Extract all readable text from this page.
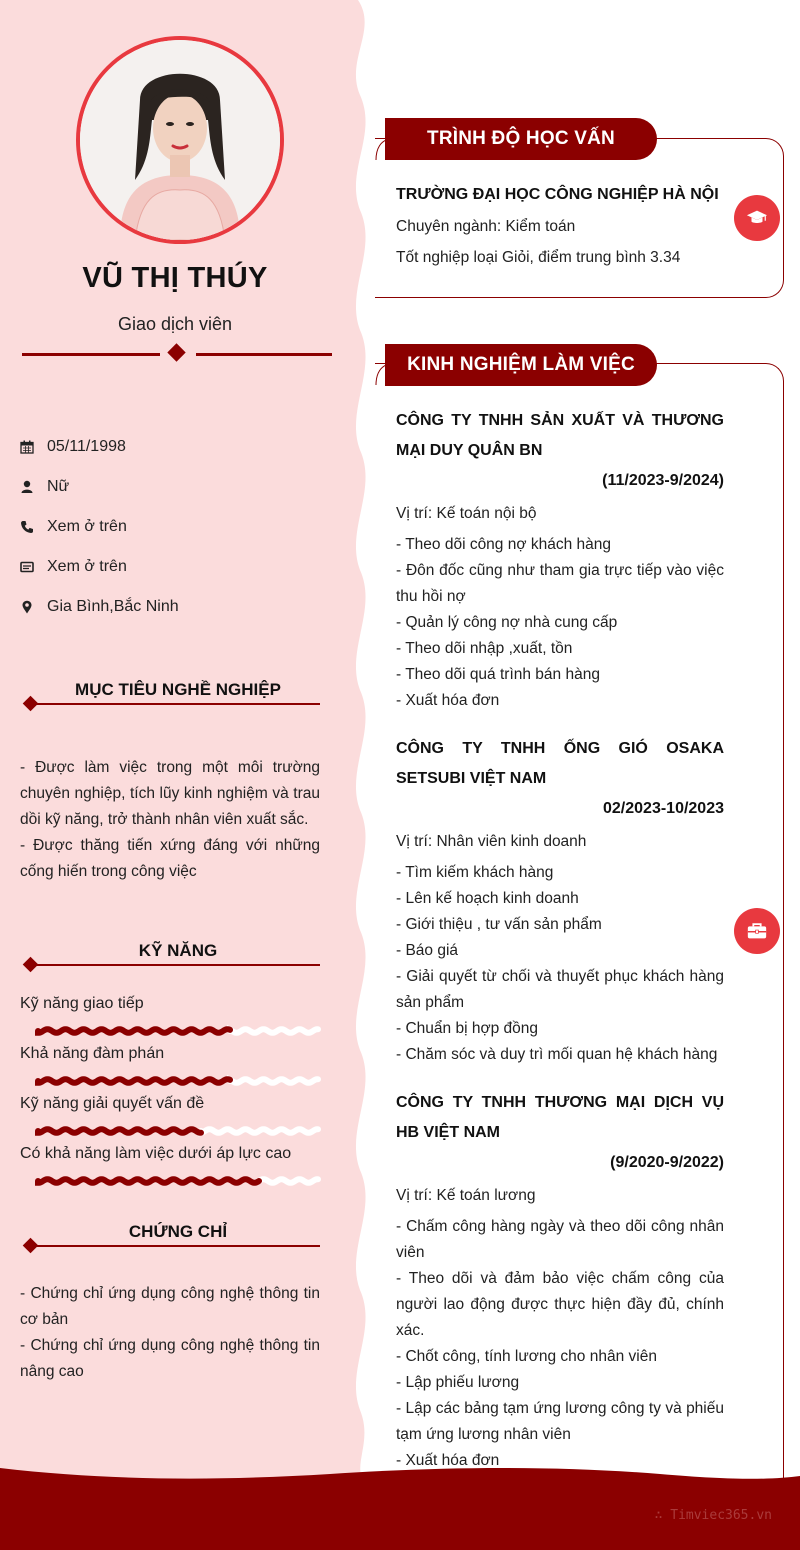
VŨ THỊ THÚY
Giao dịch viên
05/11/1998
Nữ
Xem ở trên
Xem ở trên
Gia Bình,Bắc Ninh
MỤC TIÊU NGHỀ NGHIỆP
- Được làm việc trong một môi trường chuyên nghiệp, tích lũy kinh nghiệm và trau dồi kỹ năng, trở thành nhân viên xuất sắc.
- Được thăng tiến xứng đáng với những cống hiến trong công việc
KỸ NĂNG
Kỹ năng giao tiếp
Khả năng đàm phán
Kỹ năng giải quyết vấn đề
Có khả năng làm việc dưới áp lực cao
CHỨNG CHỈ
- Chứng chỉ ứng dụng công nghệ thông tin cơ bản
- Chứng chỉ ứng dụng công nghệ thông tin nâng cao
TRÌNH ĐỘ HỌC VẤN
TRƯỜNG ĐẠI HỌC CÔNG NGHIỆP HÀ NỘI
Chuyên ngành: Kiểm toán
Tốt nghiệp loại Giỏi, điểm trung bình 3.34
KINH NGHIỆM LÀM VIỆC
CÔNG TY TNHH SẢN XUẤT VÀ THƯƠNG MẠI DUY QUÂN BN
(11/2023-9/2024)
Vị trí: Kế toán nội bộ
- Theo dõi công nợ khách hàng
- Đôn đốc cũng như tham gia trực tiếp vào việc thu hồi nợ
- Quản lý công nợ nhà cung cấp
- Theo dõi nhập ,xuất, tồn
- Theo dõi quá trình bán hàng
- Xuất hóa đơn
CÔNG TY TNHH ỐNG GIÓ OSAKA SETSUBI VIỆT NAM
02/2023-10/2023
Vị trí: Nhân viên kinh doanh
- Tìm kiếm khách hàng
- Lên kế hoạch kinh doanh
- Giới thiệu , tư vấn sản phẩm
- Báo giá
- Giải quyết từ chối và thuyết phục khách hàng sản phẩm
- Chuẩn bị hợp đồng
- Chăm sóc và duy trì mối quan hệ khách hàng
CÔNG TY TNHH THƯƠNG MẠI DỊCH VỤ HB VIỆT NAM
(9/2020-9/2022)
Vị trí: Kế toán lương
- Chấm công hàng ngày và theo dõi công nhân viên
- Theo dõi và đảm bảo việc chấm công của người lao động được thực hiện đầy đủ, chính xác.
- Chốt công, tính lương cho nhân viên
- Lập phiếu lương
- Lập các bảng tạm ứng lương công ty và phiếu tạm ứng lương nhân viên
- Xuất hóa đơn
∴ Timviec365.vn
